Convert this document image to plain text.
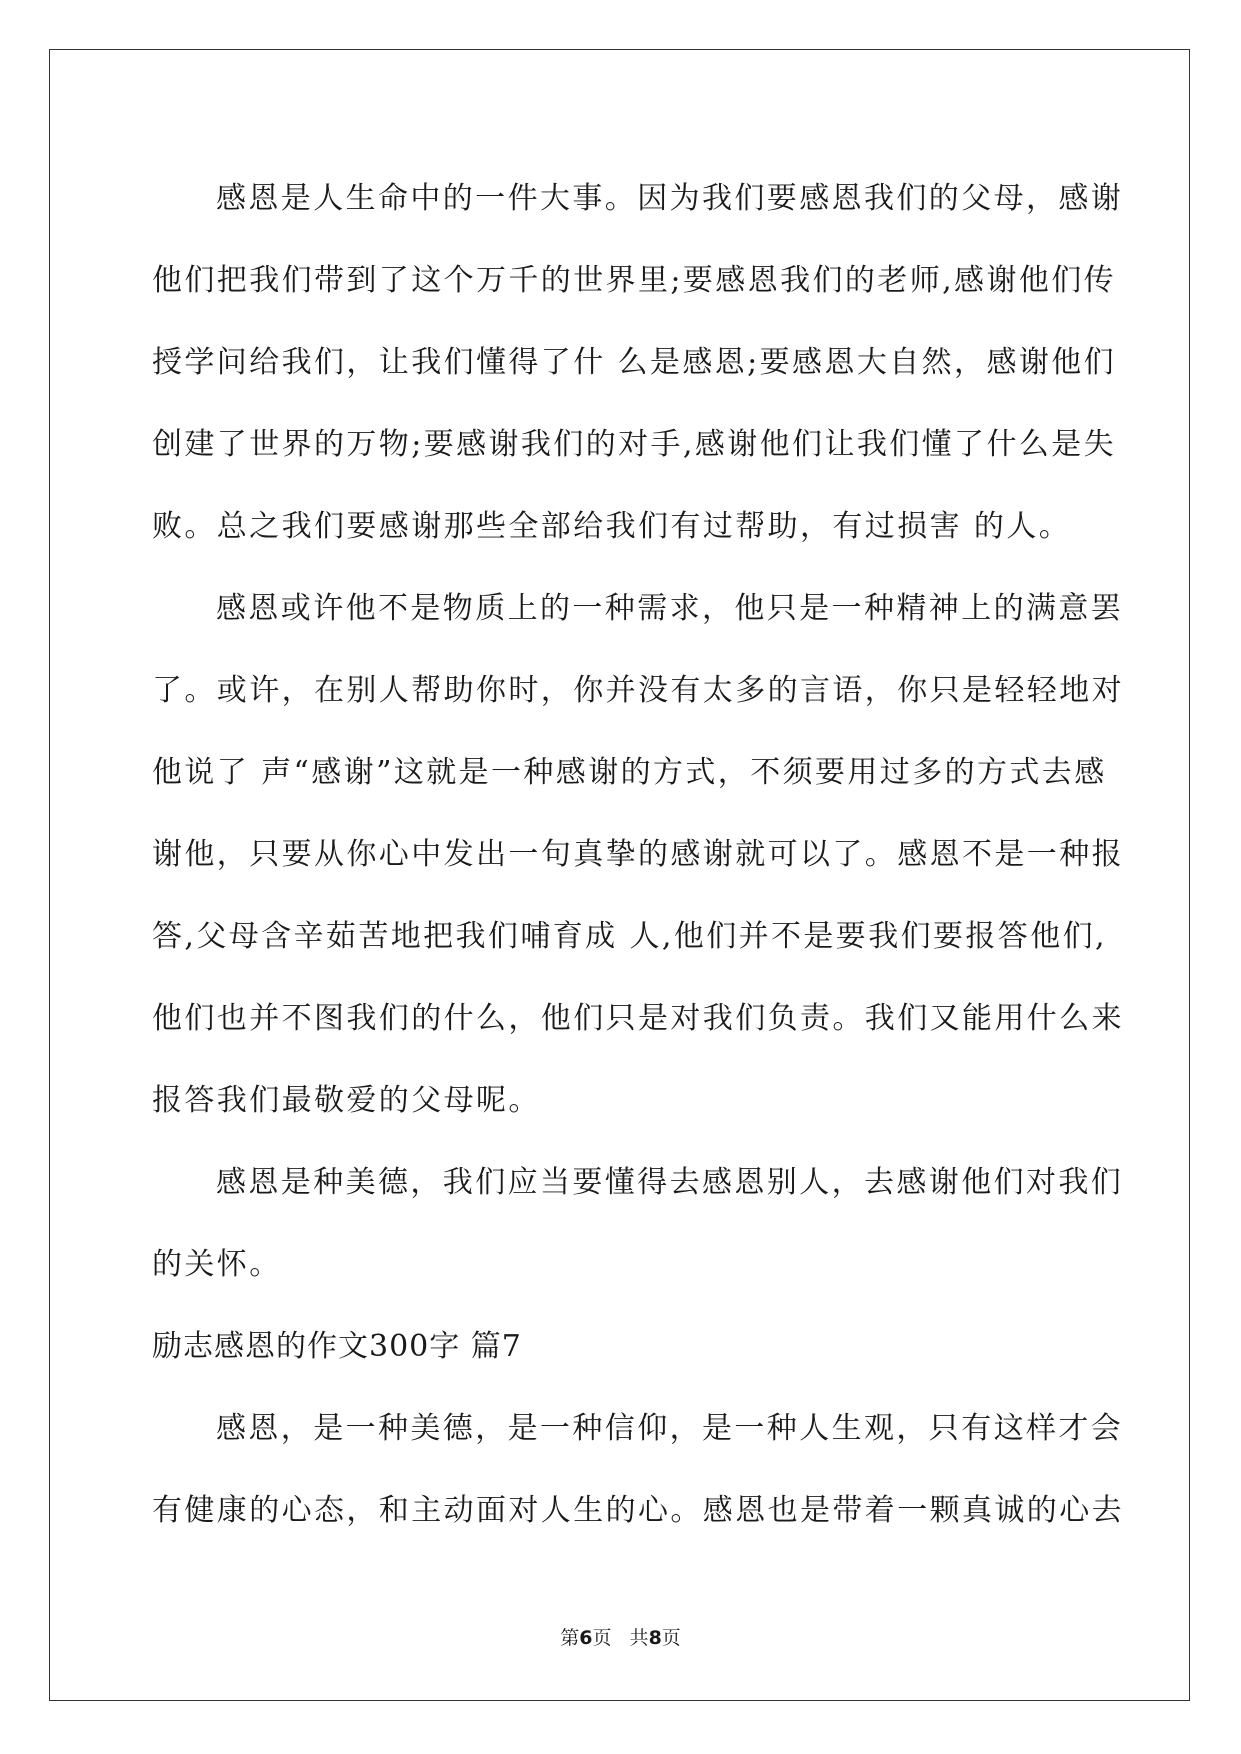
感恩是人生命中的一件大事。因为我们要感恩我们的父母，感谢
他们把我们带到了这个万千的世界里;要感恩我们的老师,感谢他们传
授学问给我们，让我们懂得了什 么是感恩;要感恩大自然，感谢他们
创建了世界的万物;要感谢我们的对手,感谢他们让我们懂了什么是失
败。总之我们要感谢那些全部给我们有过帮助，有过损害 的人。
感恩或许他不是物质上的一种需求，他只是一种精神上的满意罢
了。或许，在别人帮助你时，你并没有太多的言语，你只是轻轻地对
他说了 声“感谢”这就是一种感谢的方式，不须要用过多的方式去感
谢他，只要从你心中发出一句真挚的感谢就可以了。感恩不是一种报
答,父母含辛茹苦地把我们哺育成 人,他们并不是要我们要报答他们,
他们也并不图我们的什么，他们只是对我们负责。我们又能用什么来
报答我们最敬爱的父母呢。
感恩是种美德，我们应当要懂得去感恩别人，去感谢他们对我们
的关怀。
励志感恩的作文300字 篇7
感恩，是一种美德，是一种信仰，是一种人生观，只有这样才会
有健康的心态，和主动面对人生的心。感恩也是带着一颗真诚的心去
第6页   共8页
